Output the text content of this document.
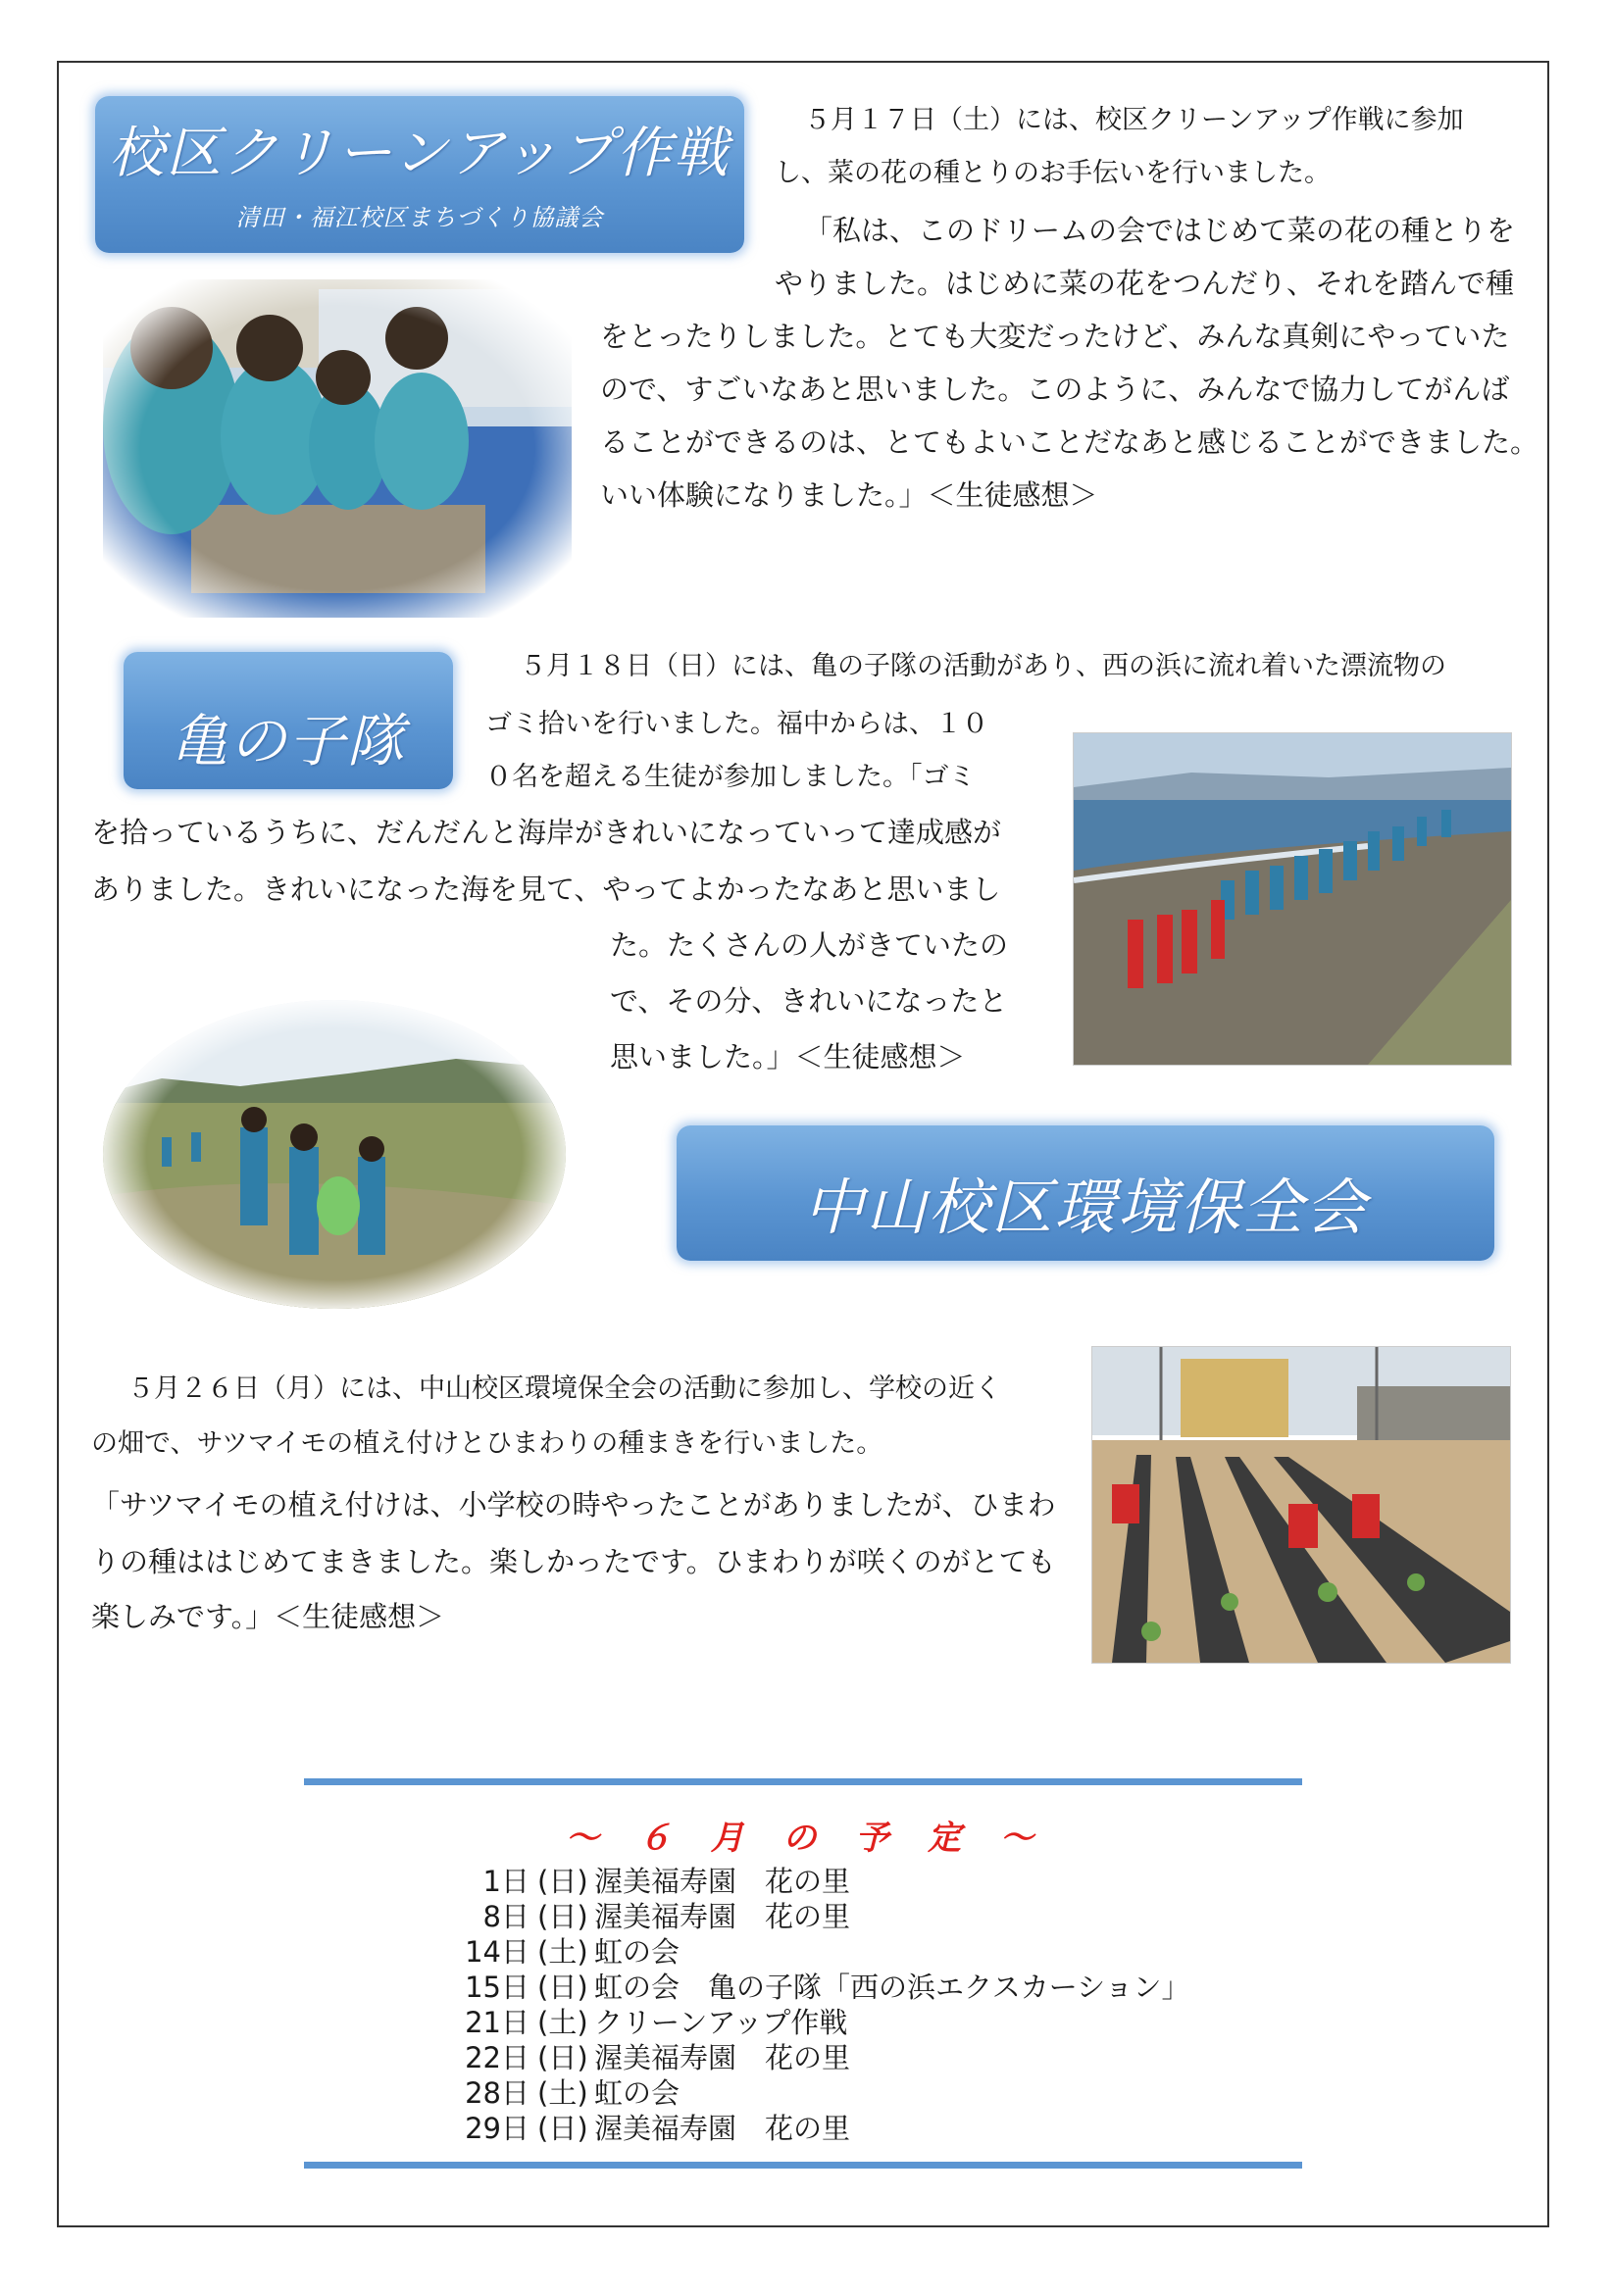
校区クリーンアップ作戦
清田・福江校区まちづくり協議会
５月１７日（土）には、校区クリーンアップ作戦に参加
し、菜の花の種とりのお手伝いを行いました。
「私は、このドリームの会ではじめて菜の花の種とりを
やりました。はじめに菜の花をつんだり、それを踏んで種
をとったりしました。とても大変だったけど、みんな真剣にやっていた
ので、すごいなあと思いました。このように、みんなで協力してがんば
ることができるのは、とてもよいことだなあと感じることができました。
いい体験になりました。」＜生徒感想＞
亀の子隊
５月１８日（日）には、亀の子隊の活動があり、西の浜に流れ着いた漂流物の
ゴミ拾いを行いました。福中からは、１０
０名を超える生徒が参加しました。「ゴミ
を拾っているうちに、だんだんと海岸がきれいになっていって達成感が
ありました。きれいになった海を見て、やってよかったなあと思いまし
た。たくさんの人がきていたの
で、その分、きれいになったと
思いました。」＜生徒感想＞
中山校区環境保全会
５月２６日（月）には、中山校区環境保全会の活動に参加し、学校の近く
の畑で、サツマイモの植え付けとひまわりの種まきを行いました。
「サツマイモの植え付けは、小学校の時やったことがありましたが、ひまわ
りの種ははじめてまきました。楽しかったです。ひまわりが咲くのがとても
楽しみです。」＜生徒感想＞
～ ６ 月 の 予 定 ～
1日 (日) 渥美福寿園　花の里
8日 (日) 渥美福寿園　花の里
14日 (土) 虹の会
15日 (日) 虹の会　亀の子隊「西の浜エクスカーション」
21日 (土) クリーンアップ作戦
22日 (日) 渥美福寿園　花の里
28日 (土) 虹の会
29日 (日) 渥美福寿園　花の里
